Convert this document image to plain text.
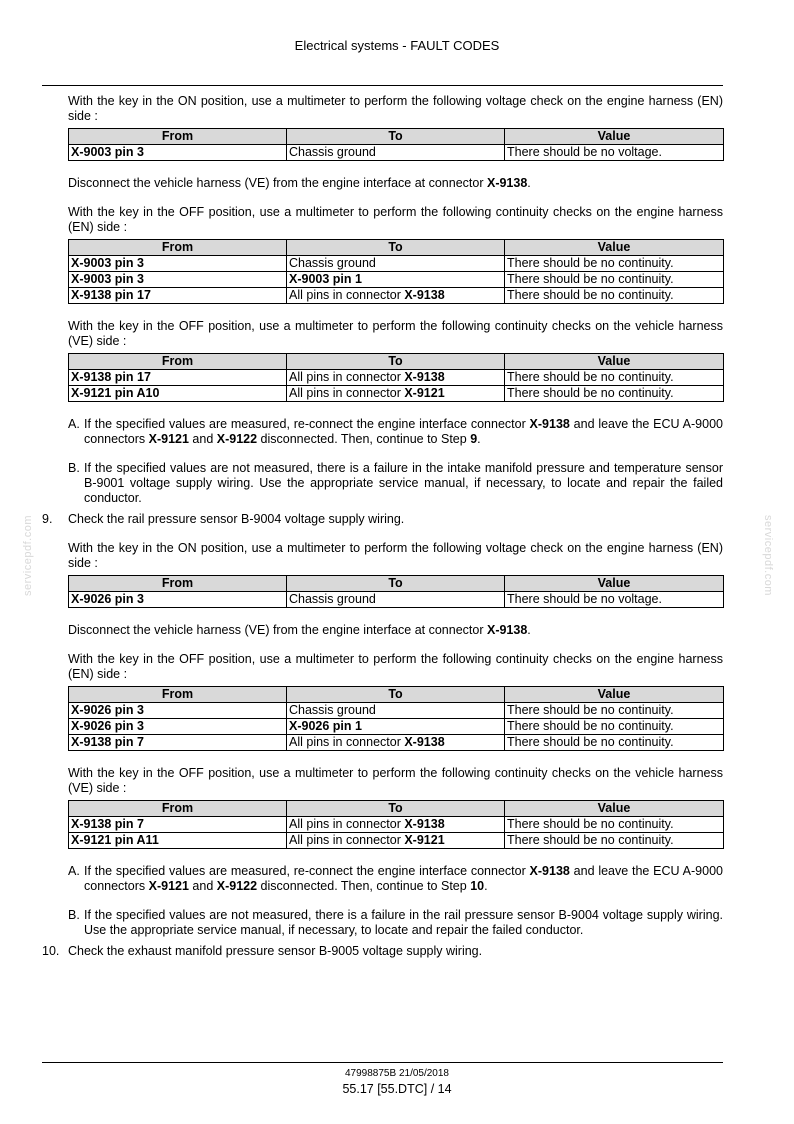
Electrical systems - FAULT CODES
servicepdf.com	servicepdf.com

With the key in the ON position, use a multimeter to perform the following voltage check on the engine harness (EN) side :

From	To	Value
X-9003 pin 3	Chassis ground	There should be no voltage.

Disconnect the vehicle harness (VE) from the engine interface at connector X-9138.

With the key in the OFF position, use a multimeter to perform the following continuity checks on the engine harness (EN) side :

From	To	Value
X-9003 pin 3	Chassis ground	There should be no continuity.
X-9003 pin 3	X-9003 pin 1	There should be no continuity.
X-9138 pin 17	All pins in connector X-9138	There should be no continuity.

With the key in the OFF position, use a multimeter to perform the following continuity checks on the vehicle harness (VE) side :

From	To	Value
X-9138 pin 17	All pins in connector X-9138	There should be no continuity.
X-9121 pin A10	All pins in connector X-9121	There should be no continuity.

A. If the specified values are measured, re-connect the engine interface connector X-9138 and leave the ECU A-9000 connectors X-9121 and X-9122 disconnected. Then, continue to Step 9.

B. If the specified values are not measured, there is a failure in the intake manifold pressure and temperature sensor B-9001 voltage supply wiring. Use the appropriate service manual, if necessary, to locate and repair the failed conductor.

9. Check the rail pressure sensor B-9004 voltage supply wiring.

With the key in the ON position, use a multimeter to perform the following voltage check on the engine harness (EN) side :

From	To	Value
X-9026 pin 3	Chassis ground	There should be no voltage.

Disconnect the vehicle harness (VE) from the engine interface at connector X-9138.

With the key in the OFF position, use a multimeter to perform the following continuity checks on the engine harness (EN) side :

From	To	Value
X-9026 pin 3	Chassis ground	There should be no continuity.
X-9026 pin 3	X-9026 pin 1	There should be no continuity.
X-9138 pin 7	All pins in connector X-9138	There should be no continuity.

With the key in the OFF position, use a multimeter to perform the following continuity checks on the vehicle harness (VE) side :

From	To	Value
X-9138 pin 7	All pins in connector X-9138	There should be no continuity.
X-9121 pin A11	All pins in connector X-9121	There should be no continuity.

A. If the specified values are measured, re-connect the engine interface connector X-9138 and leave the ECU A-9000 connectors X-9121 and X-9122 disconnected. Then, continue to Step 10.

B. If the specified values are not measured, there is a failure in the rail pressure sensor B-9004 voltage supply wiring. Use the appropriate service manual, if necessary, to locate and repair the failed conductor.

10. Check the exhaust manifold pressure sensor B-9005 voltage supply wiring.

47998875B 21/05/2018
55.17 [55.DTC] / 14
